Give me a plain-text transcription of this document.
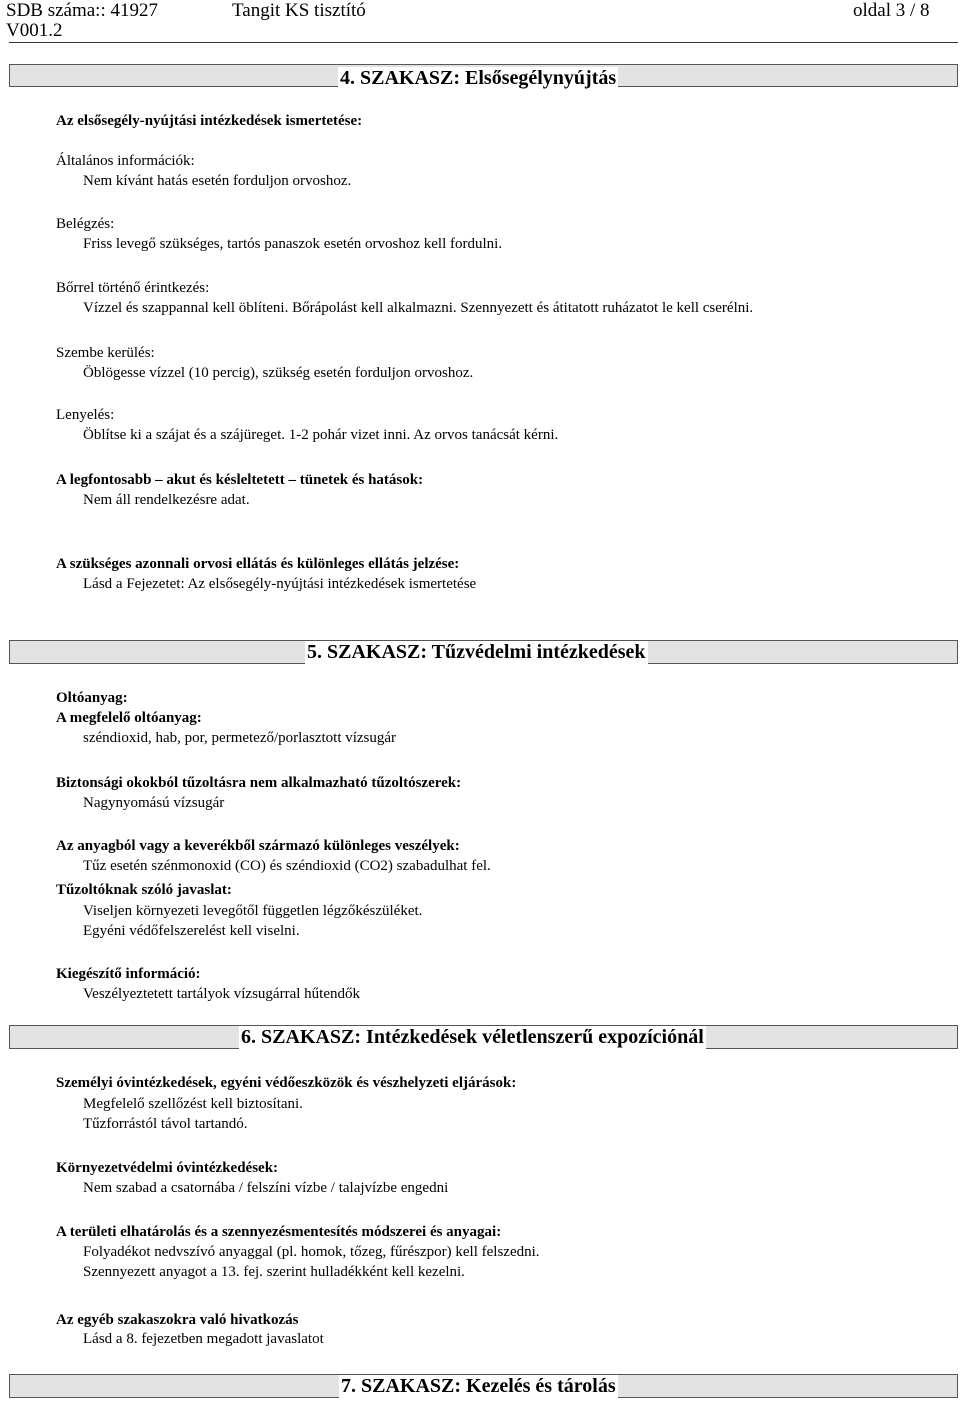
SDB száma:: 41927
V001.2
Tangit KS tisztító	oldal 3 / 8
4. SZAKASZ: Elsősegélynyújtás
Az elsősegély-nyújtási intézkedések ismertetése:
Általános információk:
Nem kívánt hatás esetén forduljon orvoshoz.
Belégzés:
Friss levegő szükséges, tartós panaszok esetén orvoshoz kell fordulni.
Bőrrel történő érintkezés:
Vízzel és szappannal kell öblíteni. Bőrápolást kell alkalmazni. Szennyezett és átitatott ruházatot le kell cserélni.
Szembe kerülés:
Öblögesse vízzel (10 percig), szükség esetén forduljon orvoshoz.
Lenyelés:
Öblítse ki a szájat és a szájüreget. 1-2 pohár vizet inni. Az orvos tanácsát kérni.
A legfontosabb – akut és késleltetett – tünetek és hatások:
Nem áll rendelkezésre adat.
A szükséges azonnali orvosi ellátás és különleges ellátás jelzése:
Lásd a Fejezetet: Az elsősegély-nyújtási intézkedések ismertetése
5. SZAKASZ: Tűzvédelmi intézkedések
Oltóanyag:
A megfelelő oltóanyag:
széndioxid, hab, por, permetező/porlasztott vízsugár
Biztonsági okokból tűzoltásra nem alkalmazható tűzoltószerek:
Nagynyomású vízsugár
Az anyagból vagy a keverékből származó különleges veszélyek:
Tűz esetén szénmonoxid (CO) és széndioxid (CO2) szabadulhat fel.
Tűzoltóknak szóló javaslat:
Viseljen környezeti levegőtől független légzőkészüléket.
Egyéni védőfelszerelést kell viselni.
Kiegészítő információ:
Veszélyeztetett tartályok vízsugárral hűtendők
6. SZAKASZ: Intézkedések véletlenszerű expozíciónál
Személyi óvintézkedések, egyéni védőeszközök és vészhelyzeti eljárások:
Megfelelő szellőzést kell biztosítani.
Tűzforrástól távol tartandó.
Környezetvédelmi óvintézkedések:
Nem szabad a csatornába / felszíni vízbe / talajvízbe engedni
A területi elhatárolás és a szennyezésmentesítés módszerei és anyagai:
Folyadékot nedvszívó anyaggal (pl. homok, tőzeg, fűrészpor) kell felszedni.
Szennyezett anyagot a 13. fej. szerint hulladékként kell kezelni.
Az egyéb szakaszokra való hivatkozás
Lásd a 8. fejezetben megadott javaslatot
7. SZAKASZ: Kezelés és tárolás
